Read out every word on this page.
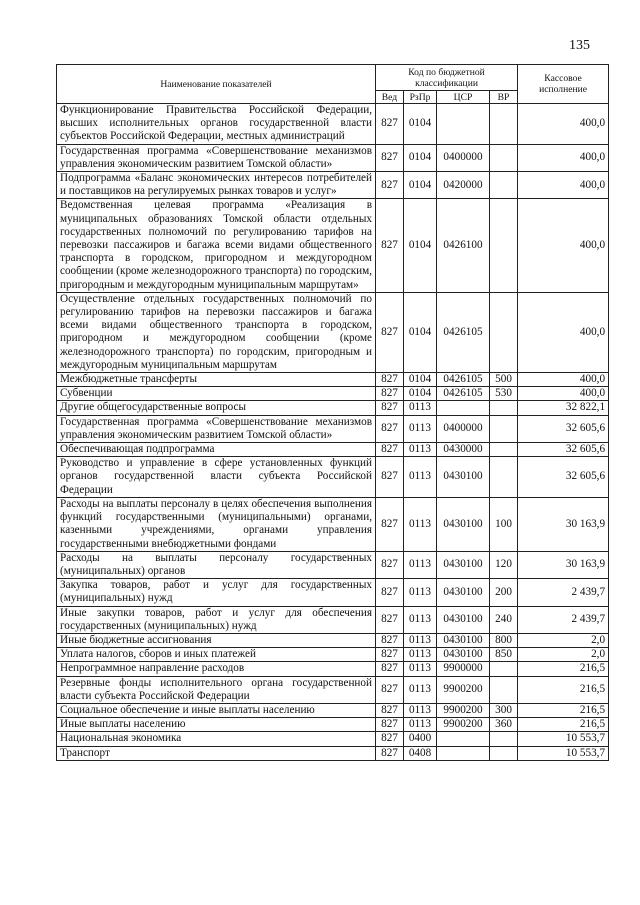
135
Наименование показателей	Код по бюджетной классификации				Кассовое исполнение
	Вед	РзПр	ЦСР	ВР	
Функционирование Правительства Российской Федерации, высших исполнительных органов государственной власти субъектов Российской Федерации, местных администраций	827	0104			400,0
Государственная программа «Совершенствование механизмов управления экономическим развитием Томской области»	827	0104	0400000		400,0
Подпрограмма «Баланс экономических интересов потребителей и поставщиков на регулируемых рынках товаров и услуг»	827	0104	0420000		400,0
Ведомственная целевая программа «Реализация в муниципальных образованиях Томской области отдельных государственных полномочий по регулированию тарифов на перевозки пассажиров и багажа всеми видами общественного транспорта в городском, пригородном и междугородном сообщении (кроме железнодорожного транспорта) по городским, пригородным и междугородным муниципальным маршрутам»	827	0104	0426100		400,0
Осуществление отдельных государственных полномочий по регулированию тарифов на перевозки пассажиров и багажа всеми видами общественного транспорта в городском, пригородном и междугородном сообщении (кроме железнодорожного транспорта) по городским, пригородным и междугородным муниципальным маршрутам	827	0104	0426105		400,0
Межбюджетные трансферты	827	0104	0426105	500	400,0
Субвенции	827	0104	0426105	530	400,0
Другие общегосударственные вопросы	827	0113			32 822,1
Государственная программа «Совершенствование механизмов управления экономическим развитием Томской области»	827	0113	0400000		32 605,6
Обеспечивающая подпрограмма	827	0113	0430000		32 605,6
Руководство и управление в сфере установленных функций органов государственной власти субъекта Российской Федерации	827	0113	0430100		32 605,6
Расходы на выплаты персоналу в целях обеспечения выполнения функций государственными (муниципальными) органами, казенными учреждениями, органами управления государственными внебюджетными фондами	827	0113	0430100	100	30 163,9
Расходы на выплаты персоналу государственных (муниципальных) органов	827	0113	0430100	120	30 163,9
Закупка товаров, работ и услуг для государственных (муниципальных) нужд	827	0113	0430100	200	2 439,7
Иные закупки товаров, работ и услуг для обеспечения государственных (муниципальных) нужд	827	0113	0430100	240	2 439,7
Иные бюджетные ассигнования	827	0113	0430100	800	2,0
Уплата налогов, сборов и иных платежей	827	0113	0430100	850	2,0
Непрограммное направление расходов	827	0113	9900000		216,5
Резервные фонды исполнительного органа государственной власти субъекта Российской Федерации	827	0113	9900200		216,5
Социальное обеспечение и иные выплаты населению	827	0113	9900200	300	216,5
Иные выплаты населению	827	0113	9900200	360	216,5
Национальная экономика	827	0400			10 553,7
Транспорт	827	0408			10 553,7
